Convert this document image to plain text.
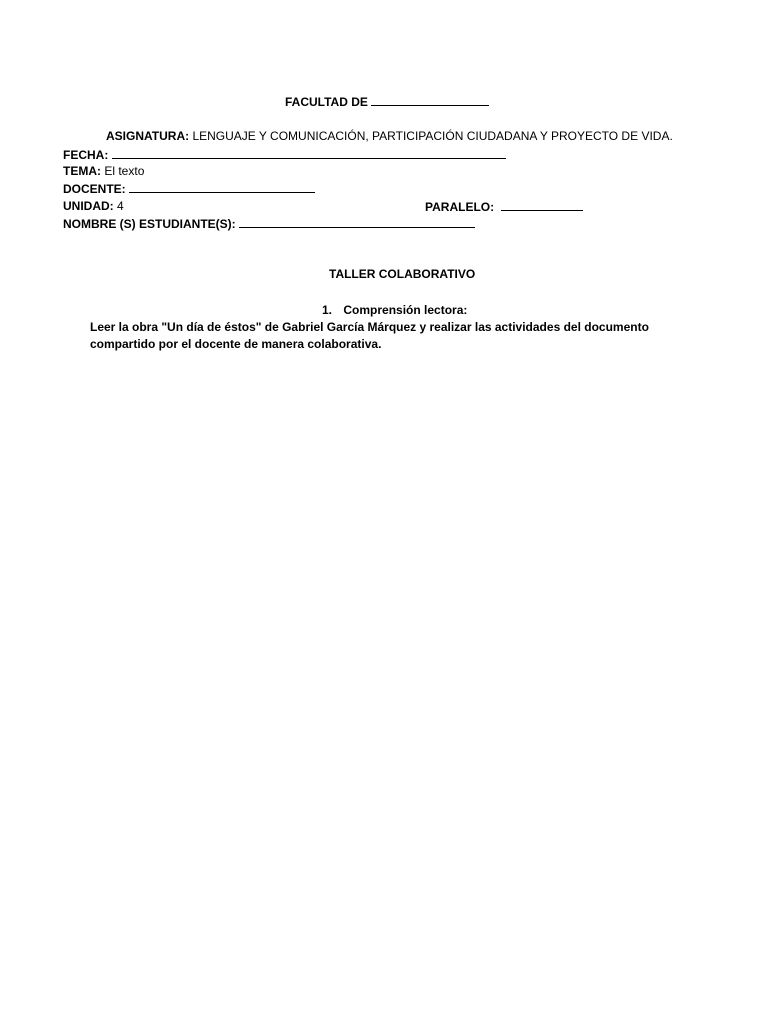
FACULTAD DE
ASIGNATURA: LENGUAJE Y COMUNICACIÓN, PARTICIPACIÓN CIUDADANA Y PROYECTO DE VIDA.
FECHA:
TEMA: El texto
DOCENTE:
UNIDAD: 4	PARALELO:
NOMBRE (S) ESTUDIANTE(S):
TALLER COLABORATIVO
1. Comprensión lectora:
Leer la obra "Un día de éstos" de Gabriel García Márquez y realizar las actividades del documento compartido por el docente de manera colaborativa.
